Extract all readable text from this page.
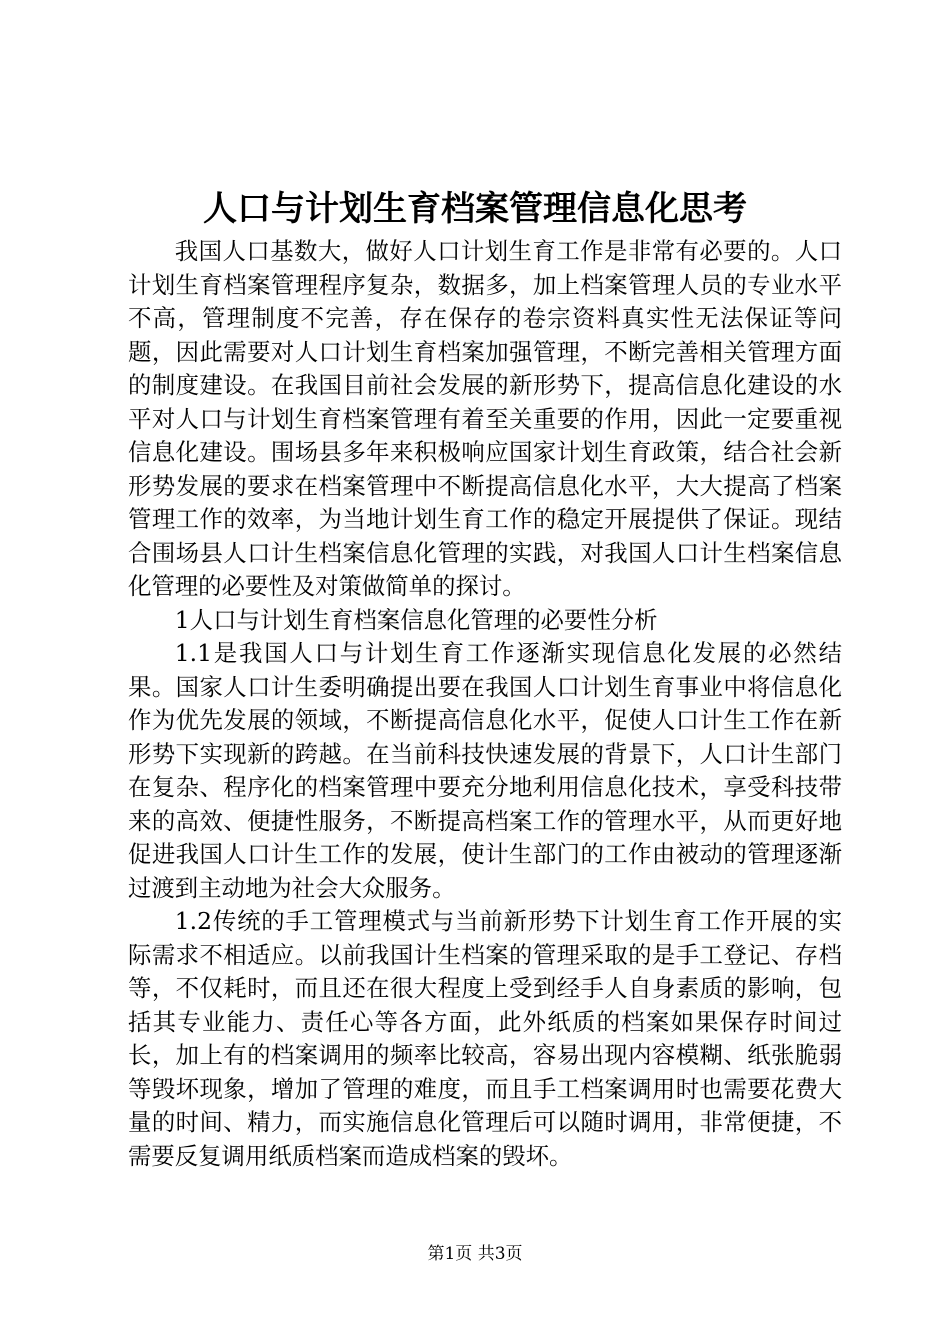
人口与计划生育档案管理信息化思考

我国人口基数大，做好人口计划生育工作是非常有必要的。人口计划生育档案管理程序复杂，数据多，加上档案管理人员的专业水平不高，管理制度不完善，存在保存的卷宗资料真实性无法保证等问题，因此需要对人口计划生育档案加强管理，不断完善相关管理方面的制度建设。在我国目前社会发展的新形势下，提高信息化建设的水平对人口与计划生育档案管理有着至关重要的作用，因此一定要重视信息化建设。围场县多年来积极响应国家计划生育政策，结合社会新形势发展的要求在档案管理中不断提高信息化水平，大大提高了档案管理工作的效率，为当地计划生育工作的稳定开展提供了保证。现结合围场县人口计生档案信息化管理的实践，对我国人口计生档案信息化管理的必要性及对策做简单的探讨。

1人口与计划生育档案信息化管理的必要性分析

1.1是我国人口与计划生育工作逐渐实现信息化发展的必然结果。国家人口计生委明确提出要在我国人口计划生育事业中将信息化作为优先发展的领域，不断提高信息化水平，促使人口计生工作在新形势下实现新的跨越。在当前科技快速发展的背景下，人口计生部门在复杂、程序化的档案管理中要充分地利用信息化技术，享受科技带来的高效、便捷性服务，不断提高档案工作的管理水平，从而更好地促进我国人口计生工作的发展，使计生部门的工作由被动的管理逐渐过渡到主动地为社会大众服务。

1.2传统的手工管理模式与当前新形势下计划生育工作开展的实际需求不相适应。以前我国计生档案的管理采取的是手工登记、存档等，不仅耗时，而且还在很大程度上受到经手人自身素质的影响，包括其专业能力、责任心等各方面，此外纸质的档案如果保存时间过长，加上有的档案调用的频率比较高，容易出现内容模糊、纸张脆弱等毁坏现象，增加了管理的难度，而且手工档案调用时也需要花费大量的时间、精力，而实施信息化管理后可以随时调用，非常便捷，不需要反复调用纸质档案而造成档案的毁坏。

第1页 共3页
